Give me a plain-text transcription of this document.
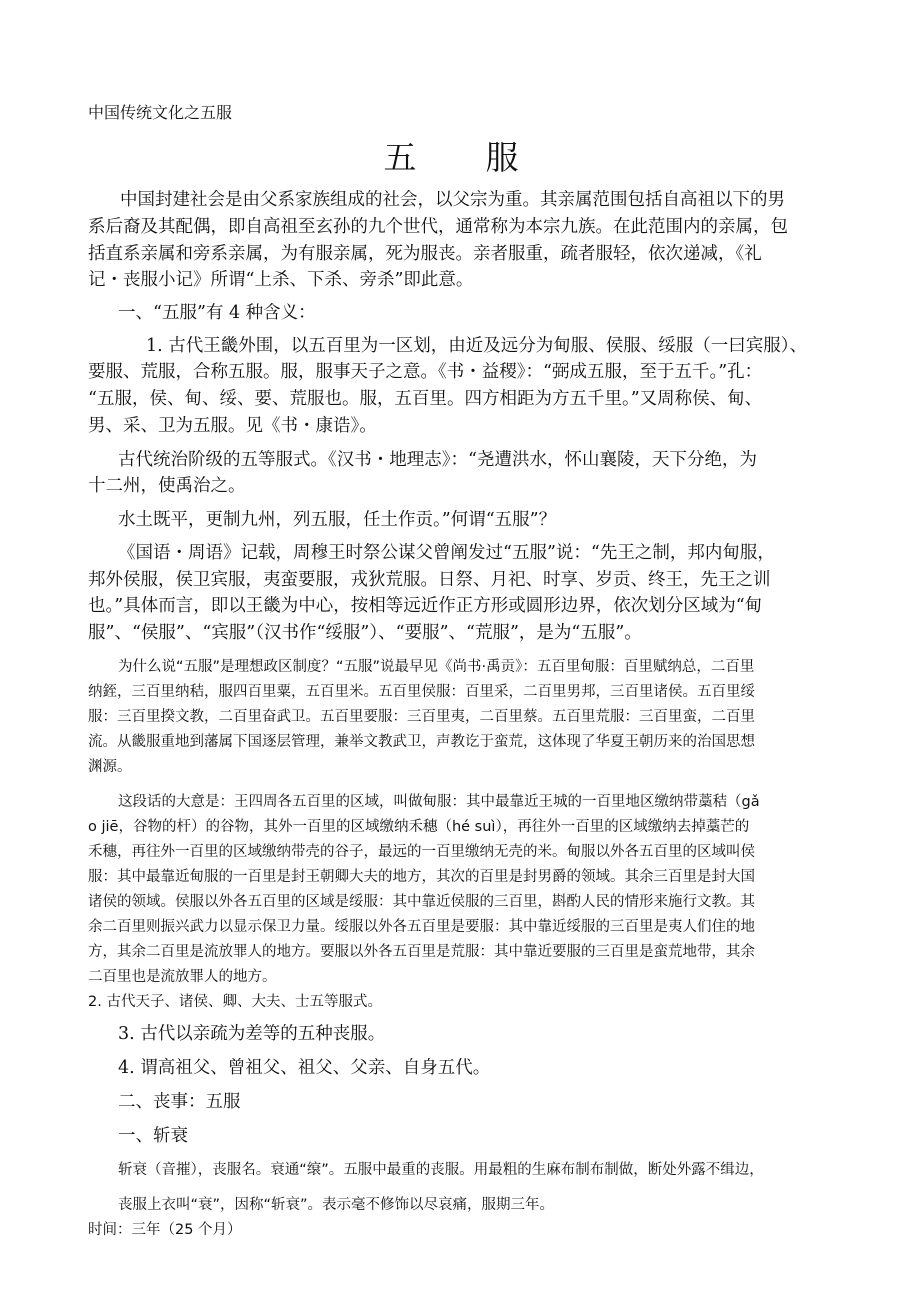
中国传统文化之五服
五　服
中国封建社会是由父系家族组成的社会，以父宗为重。其亲属范围包括自高祖以下的男
系后裔及其配偶，即自高祖至玄孙的九个世代，通常称为本宗九族。在此范围内的亲属，包
括直系亲属和旁系亲属，为有服亲属，死为服丧。亲者服重，疏者服轻，依次递减，《礼
记・丧服小记》所谓“上杀、下杀、旁杀”即此意。
一、“五服”有 4 种含义：
1. 古代王畿外围，以五百里为一区划，由近及远分为甸服、侯服、绥服（一曰宾服）、
要服、荒服，合称五服。服，服事天子之意。《书・益稷》：“弼成五服，至于五千。”孔：
“五服，侯、甸、绥、要、荒服也。服，五百里。四方相距为方五千里。”又周称侯、甸、
男、采、卫为五服。见《书・康诰》。
古代统治阶级的五等服式。《汉书・地理志》：“尧遭洪水，怀山襄陵，天下分绝，为
十二州，使禹治之。
水土既平，更制九州，列五服，任土作贡。”何谓“五服”？
《国语・周语》记载，周穆王时祭公谋父曾阐发过“五服”说：“先王之制，邦内甸服，
邦外侯服，侯卫宾服，夷蛮要服，戎狄荒服。日祭、月祀、时享、岁贡、终王，先王之训
也。”具体而言，即以王畿为中心，按相等远近作正方形或圆形边界，依次划分区域为“甸
服”、“侯服”、“宾服”（汉书作“绥服”）、“要服”、“荒服”，是为“五服”。
为什么说“五服”是理想政区制度？“五服”说最早见《尚书·禹贡》：五百里甸服：百里赋纳总，二百里
纳銍，三百里纳秸，服四百里粟，五百里米。五百里侯服：百里采，二百里男邦，三百里诸侯。五百里绥
服：三百里揆文教，二百里奋武卫。五百里要服：三百里夷，二百里蔡。五百里荒服：三百里蛮，二百里
流。从畿服重地到藩属下国逐层管理，兼举文教武卫，声教讫于蛮荒，这体现了华夏王朝历来的治国思想
渊源。
这段话的大意是：王四周各五百里的区域，叫做甸服：其中最靠近王城的一百里地区缴纳带藁秸（gǎ
o jiē，谷物的杆）的谷物，其外一百里的区域缴纳禾穗（hé suì），再往外一百里的区域缴纳去掉藁芒的
禾穗，再往外一百里的区域缴纳带壳的谷子，最远的一百里缴纳无壳的米。甸服以外各五百里的区域叫侯
服：其中最靠近甸服的一百里是封王朝卿大夫的地方，其次的百里是封男爵的领域。其余三百里是封大国
诸侯的领域。侯服以外各五百里的区域是绥服：其中靠近侯服的三百里，斟酌人民的情形来施行文教。其
余二百里则振兴武力以显示保卫力量。绥服以外各五百里是要服：其中靠近绥服的三百里是夷人们住的地
方，其余二百里是流放罪人的地方。要服以外各五百里是荒服：其中靠近要服的三百里是蛮荒地带，其余
二百里也是流放罪人的地方。
2. 古代天子、诸侯、卿、大夫、士五等服式。
3. 古代以亲疏为差等的五种丧服。
4. 谓高祖父、曾祖父、祖父、父亲、自身五代。
二、丧事：五服
一、斩衰
斩衰（音摧），丧服名。衰通“缞”。五服中最重的丧服。用最粗的生麻布制布制做，断处外露不缉边，
丧服上衣叫“衰”，因称“斩衰”。表示毫不修饰以尽哀痛，服期三年。
时间：三年（25 个月）
